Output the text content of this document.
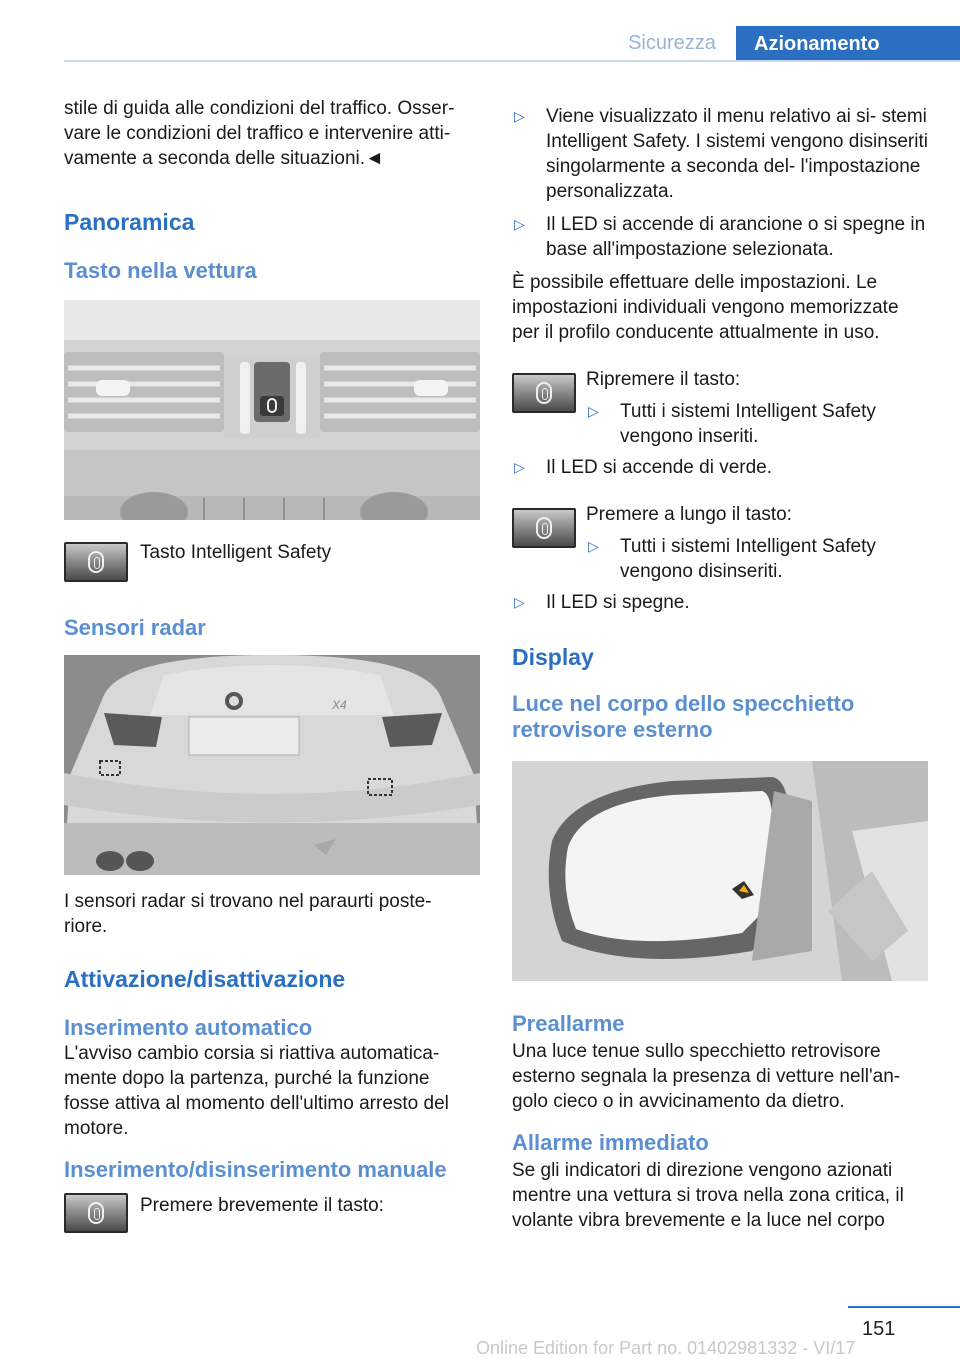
Sicurezza	Azionamento

stile di guida alle condizioni del traffico. Osser‐ vare le condizioni del traffico e intervenire atti‐ vamente a seconda delle situazioni.◄

Panoramica
Tasto nella vettura

Tasto Intelligent Safety

Sensori radar
X4

I sensori radar si trovano nel paraurti poste‐ riore.

Attivazione/disattivazione
Inserimento automatico

L'avviso cambio corsia si riattiva automatica‐ mente dopo la partenza, purché la funzione fosse attiva al momento dell'ultimo arresto del motore.

Inserimento/disinserimento manuale

Premere brevemente il tasto:

▷ Viene visualizzato il menu relativo ai si‐ stemi Intelligent Safety. I sistemi vengono disinseriti singolarmente a seconda del‐ l'impostazione personalizzata.
▷ Il LED si accende di arancione o si spegne in base all'impostazione selezionata.

È possibile effettuare delle impostazioni. Le impostazioni individuali vengono memorizzate per il profilo conducente attualmente in uso.

Ripremere il tasto:

▷ Tutti i sistemi Intelligent Safety vengono inseriti.
▷ Il LED si accende di verde.

Premere a lungo il tasto:

▷ Tutti i sistemi Intelligent Safety vengono disinseriti.
▷ Il LED si spegne.
Display
Luce nel corpo dello specchietto retrovisore esterno
Preallarme

Una luce tenue sullo specchietto retrovisore esterno segnala la presenza di vetture nell'an‐ golo cieco o in avvicinamento da dietro.

Allarme immediato

Se gli indicatori di direzione vengono azionati mentre una vettura si trova nella zona critica, il volante vibra brevemente e la luce nel corpo

151
Online Edition for Part no. 01402981332 - VI/17
